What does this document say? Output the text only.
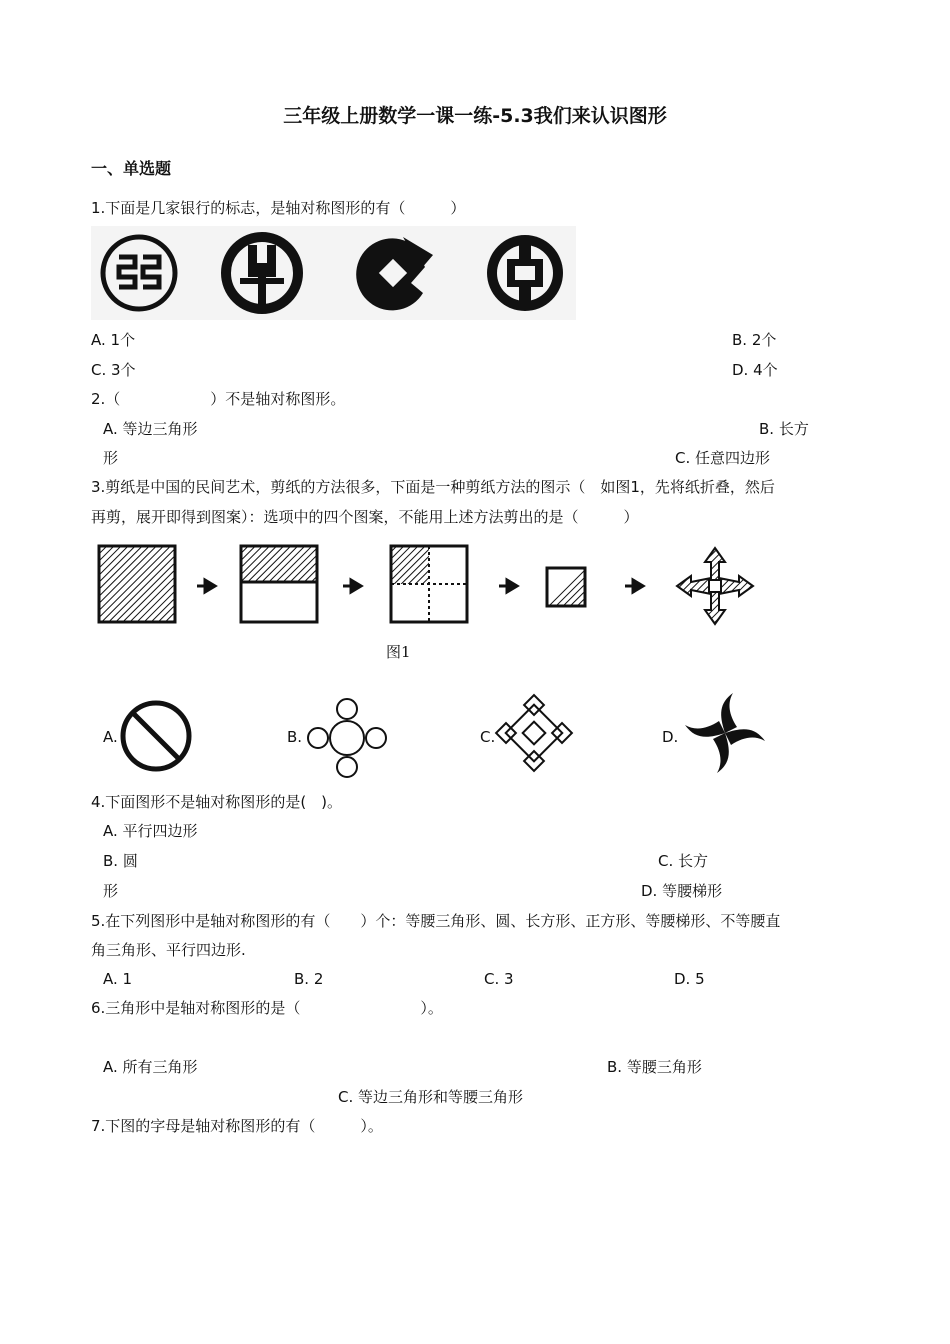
三年级上册数学一课一练-5.3我们来认识图形
一、单选题
1.下面是几家银行的标志，是轴对称图形的有（　　　）
A. 1个	B. 2个
C. 3个	D. 4个
2.（　　　　　　）不是轴对称图形。
A. 等边三角形	B. 长方
形	C. 任意四边形
3.剪纸是中国的民间艺术，剪纸的方法很多，下面是一种剪纸方法的图示（　如图1，先将纸折叠，然后
再剪，展开即得到图案）：选项中的四个图案，不能用上述方法剪出的是（　　　）
图1
A.	B.	C.	D.
4.下面图形不是轴对称图形的是(　)。
A. 平行四边形
B. 圆	C. 长方
形	D. 等腰梯形
5.在下列图形中是轴对称图形的有（　　）个：等腰三角形、圆、长方形、正方形、等腰梯形、不等腰直
角三角形、平行四边形.
A. 1	B. 2	C. 3	D. 5
6.三角形中是轴对称图形的是（　　　　　　　　）。
A. 所有三角形	B. 等腰三角形
C. 等边三角形和等腰三角形
7.下图的字母是轴对称图形的有（　　　）。
